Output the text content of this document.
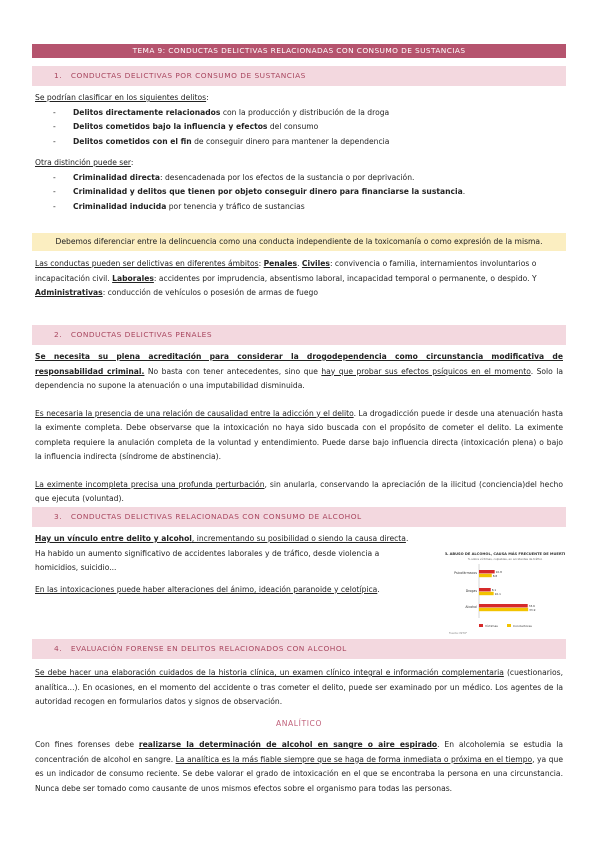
TEMA 9: CONDUCTAS DELICTIVAS RELACIONADAS CON CONSUMO DE SUSTANCIAS
1. CONDUCTAS DELICTIVAS POR CONSUMO DE SUSTANCIAS

Se podrían clasificar en los siguientes delitos:

- Delitos directamente relacionados con la producción y distribución de la droga
- Delitos cometidos bajo la influencia y efectos del consumo
- Delitos cometidos con el fin de conseguir dinero para mantener la dependencia

Otra distinción puede ser:

- Criminalidad directa: desencadenada por los efectos de la sustancia o por deprivación.
- Criminalidad y delitos que tienen por objeto conseguir dinero para financiarse la sustancia.
- Criminalidad inducida por tenencia y tráfico de sustancias
Debemos diferenciar entre la delincuencia como una conducta independiente de la toxicomanía o como expresión de la misma.

Las conductas pueden ser delictivas en diferentes ámbitos: Penales. Civiles: convivencia o familia, internamientos involuntarios o incapacitación civil. Laborales: accidentes por imprudencia, absentismo laboral, incapacidad temporal o permanente, o despido. Y Administrativas: conducción de vehículos o posesión de armas de fuego

2. CONDUCTAS DELICTIVAS PENALES

Se necesita su plena acreditación para considerar la drogodependencia como circunstancia modificativa de responsabilidad criminal. No basta con tener antecedentes, sino que hay que probar sus efectos psíquicos en el momento. Solo la dependencia no supone la atenuación o una imputabilidad disminuida.

Es necesaria la presencia de una relación de causalidad entre la adicción y el delito. La drogadicción puede ir desde una atenuación hasta la eximente completa. Debe observarse que la intoxicación no haya sido buscada con el propósito de cometer el delito. La eximente completa requiere la anulación completa de la voluntad y entendimiento. Puede darse bajo influencia directa (intoxicación plena) o bajo la influencia indirecta (síndrome de abstinencia).

La eximente incompleta precisa una profunda perturbación, sin anularla, conservando la apreciación de la ilicitud (conciencia)del hecho que ejecuta (voluntad).

3. CONDUCTAS DELICTIVAS RELACIONADAS CON CONSUMO DE ALCOHOL

Hay un vínculo entre delito y alcohol, incrementando su posibilidad o siendo la causa directa. Ha habido un aumento significativo de accidentes laborales y de tráfico, desde violencia a homicidios, suicidio...

En las intoxicaciones puede haber alteraciones del ánimo, ideación paranoide y celotípica.

EL ABUSO DE ALCOHOL, CAUSA MÁS FRECUENTE DE MUERTE
% sobre víctimas, culpables, en accidentes de tráfico
Psicofármacos	10.8
8.8
Drogas	8.1
10.1
Alcohol	33.6
33.9
Víctimas	Conductores
Fuente: INTCF
4. EVALUACIÓN FORENSE EN DELITOS RELACIONADOS CON ALCOHOL

Se debe hacer una elaboración cuidados de la historia clínica, un examen clínico integral e información complementaria (cuestionarios, analítica...). En ocasiones, en el momento del accidente o tras cometer el delito, puede ser examinado por un médico. Los agentes de la autoridad recogen en formularios datos y signos de observación.

ANALÍTICO

Con fines forenses debe realizarse la determinación de alcohol en sangre o aire espirado. En alcoholemia se estudia la concentración de alcohol en sangre. La analítica es la más fiable siempre que se haga de forma inmediata o próxima en el tiempo, ya que es un indicador de consumo reciente. Se debe valorar el grado de intoxicación en el que se encontraba la persona en una circunstancia. Nunca debe ser tomado como causante de unos mismos efectos sobre el organismo para todas las personas.
